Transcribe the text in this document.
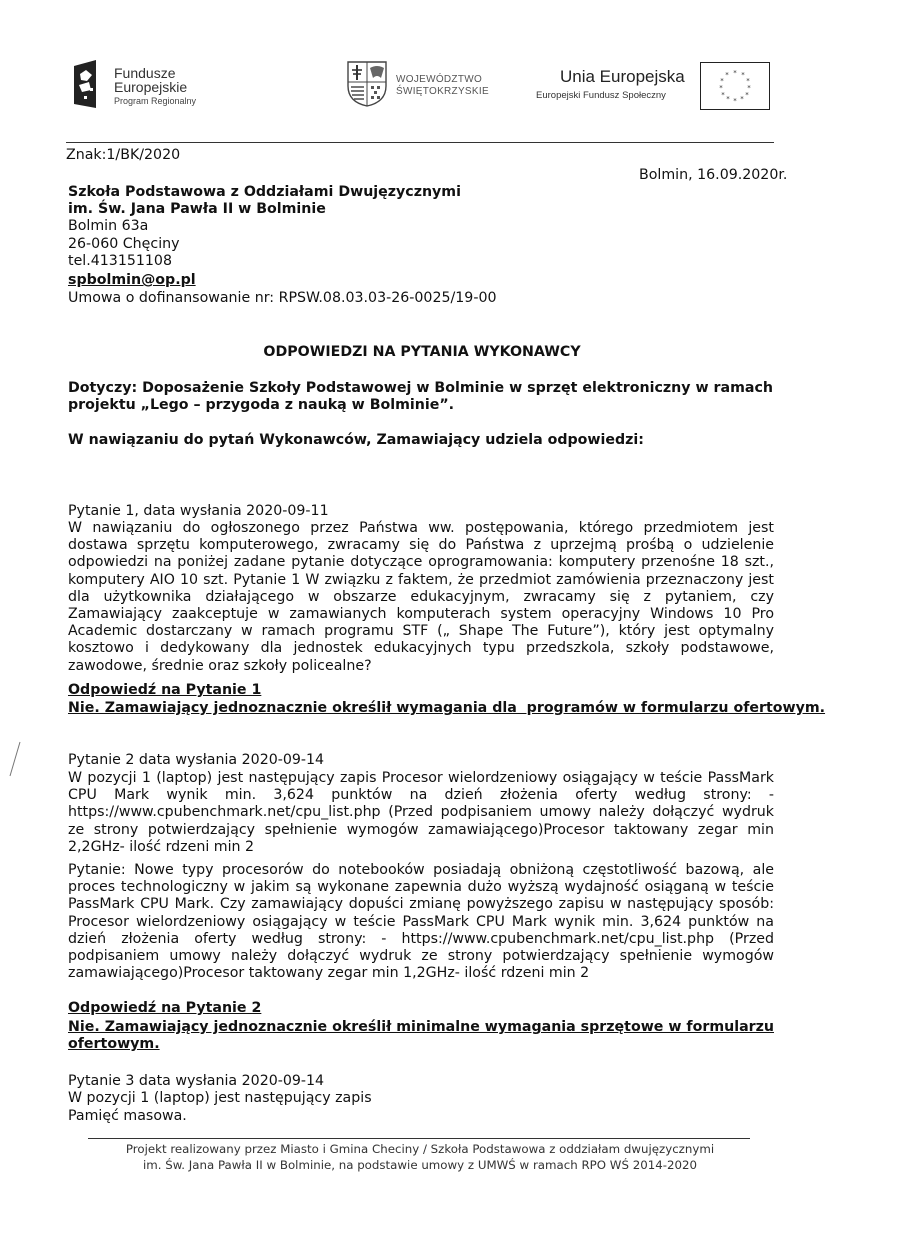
Fundusze
Europejskie
Program Regionalny
WOJEWÓDZTWO
ŚWIĘTOKRZYSKIE
Unia Europejska
Europejski Fundusz Społeczny
* *
*
*
*
*
*
*
*
*
*
*
Znak:1/BK/2020
Bolmin, 16.09.2020r.
Szkoła Podstawowa z Oddziałami Dwujęzycznymi
im. Św. Jana Pawła II w Bolminie
Bolmin 63a
26-060 Chęciny
tel.413151108
spbolmin@op.pl
Umowa o dofinansowanie nr: RPSW.08.03.03-26-0025/19-00
ODPOWIEDZI NA PYTANIA WYKONAWCY
Dotyczy: Doposażenie Szkoły Podstawowej w Bolminie w sprzęt elektroniczny w ramach
projektu „Lego – przygoda z nauką w Bolminie”.
W nawiązaniu do pytań Wykonawców, Zamawiający udziela odpowiedzi:
Pytanie 1, data wysłania 2020-09-11
W nawiązaniu do ogłoszonego przez Państwa ww. postępowania, którego przedmiotem jest dostawa sprzętu komputerowego, zwracamy się do Państwa z uprzejmą prośbą o udzielenie odpowiedzi na poniżej zadane pytanie dotyczące oprogramowania: komputery przenośne 18 szt., komputery AIO 10 szt. Pytanie 1 W związku z faktem, że przedmiot zamówienia przeznaczony jest dla użytkownika działającego w obszarze edukacyjnym, zwracamy się z pytaniem, czy Zamawiający zaakceptuje w zamawianych komputerach system operacyjny Windows 10 Pro Academic dostarczany w ramach programu STF („ Shape The Future”), który jest optymalny kosztowo i dedykowany dla jednostek edukacyjnych typu przedszkola, szkoły podstawowe, zawodowe, średnie oraz szkoły policealne?
Odpowiedź na Pytanie 1
Nie. Zamawiający jednoznacznie określił wymagania dla  programów w formularzu ofertowym.
Pytanie 2 data wysłania 2020-09-14
W pozycji 1 (laptop) jest następujący zapis Procesor wielordzeniowy osiągający w teście PassMark CPU Mark wynik min. 3,624 punktów na dzień złożenia oferty według strony: - https://www.cpubenchmark.net/cpu_list.php (Przed podpisaniem umowy należy dołączyć wydruk ze strony potwierdzający spełnienie wymogów zamawiającego)Procesor taktowany zegar min 2,2GHz- ilość rdzeni min 2
Pytanie: Nowe typy procesorów do notebooków posiadają obniżoną częstotliwość bazową, ale proces technologiczny w jakim są wykonane zapewnia dużo wyższą wydajność osiąganą w teście PassMark CPU Mark. Czy zamawiający dopuści zmianę powyższego zapisu w następujący sposób: Procesor wielordzeniowy osiągający w teście PassMark CPU Mark wynik min. 3,624 punktów na dzień złożenia oferty według strony: - https://www.cpubenchmark.net/cpu_list.php (Przed podpisaniem umowy należy dołączyć wydruk ze strony potwierdzający spełnienie wymogów zamawiającego)Procesor taktowany zegar min 1,2GHz- ilość rdzeni min 2
Odpowiedź na Pytanie 2
Nie. Zamawiający jednoznacznie określił minimalne wymagania sprzętowe w formularzu ofertowym.
Pytanie 3 data wysłania 2020-09-14
W pozycji 1 (laptop) jest następujący zapis
Pamięć masowa.
Projekt realizowany przez Miasto i Gmina Checiny / Szkoła Podstawowa z oddziałam dwujęzycznymi
im. Św. Jana Pawła II w Bolminie, na podstawie umowy z UMWŚ w ramach RPO WŚ 2014-2020
